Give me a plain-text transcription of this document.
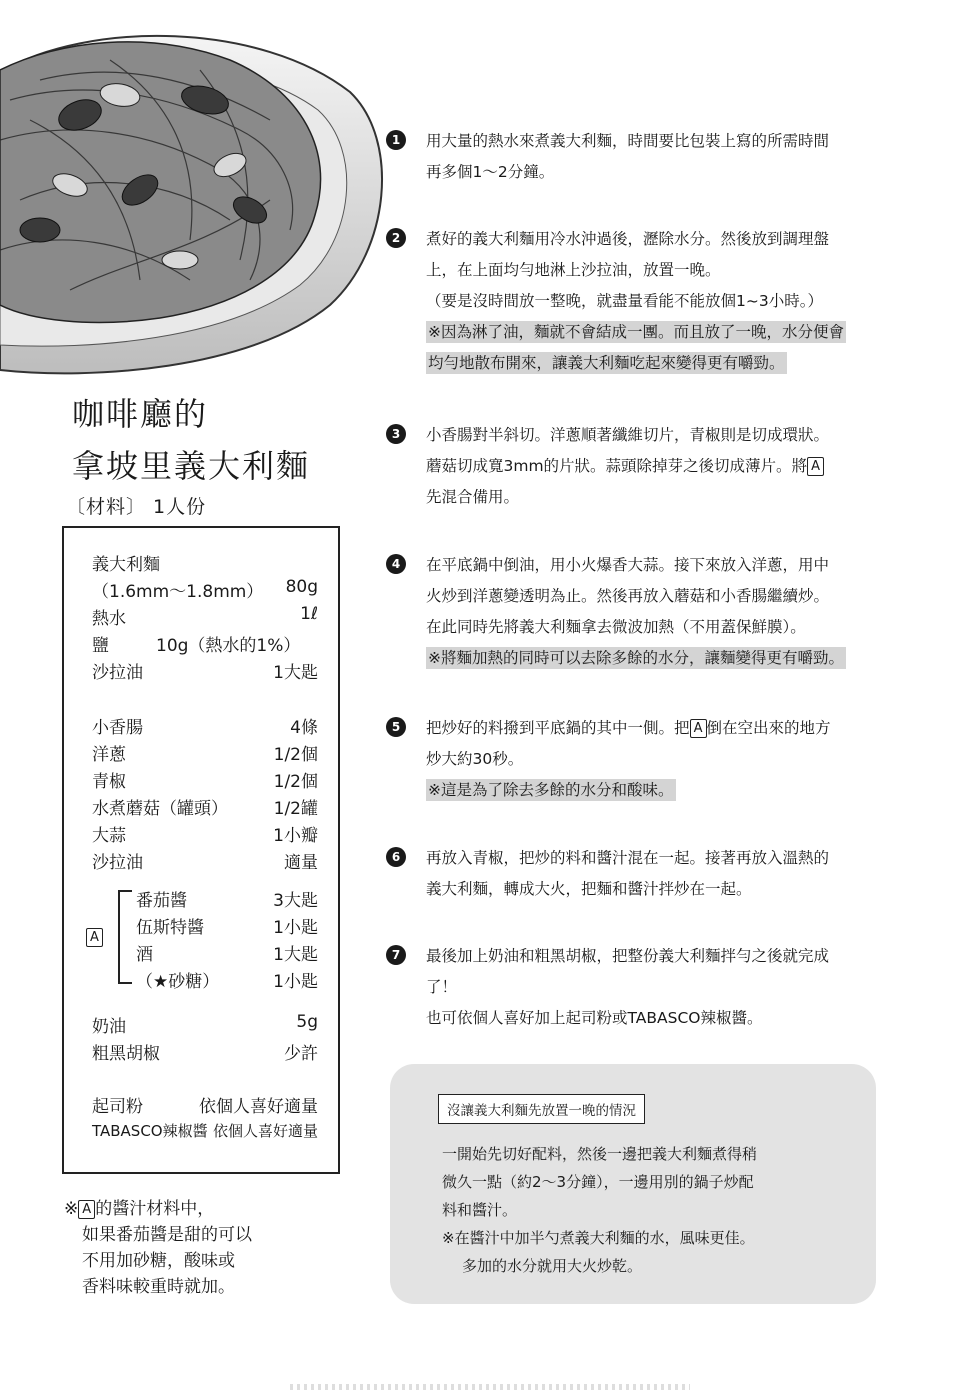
咖啡廳的
拿坡里義大利麵
〔材料〕 1人份
義大利麵
（1.6mm～1.8mm） 80g
熱水	1ℓ
鹽	10g（熱水的1%）
沙拉油	1大匙
小香腸	4條
洋蔥	1/2個
青椒	1/2個
水煮蘑菇（罐頭）	1/2罐
大蒜	1小瓣
沙拉油	適量
A
番茄醬	3大匙
伍斯特醬	1小匙
酒	1大匙
（★砂糖）	1小匙
奶油	5g
粗黑胡椒	少許
起司粉	依個人喜好適量
TABASCO辣椒醬 依個人喜好適量
※ A 的醬汁材料中，
如果番茄醬是甜的可以
不用加砂糖，酸味或
香料味較重時就加。
1	用大量的熱水來煮義大利麵，時間要比包裝上寫的所需時間
再多個1～2分鐘。
2	煮好的義大利麵用冷水沖過後，瀝除水分。然後放到調理盤
上，在上面均勻地淋上沙拉油，放置一晚。
（要是沒時間放一整晚，就盡量看能不能放個1~3小時。）
※因為淋了油，麵就不會結成一團。而且放了一晚，水分便會
均勻地散布開來，讓義大利麵吃起來變得更有嚼勁。
3	小香腸對半斜切。洋蔥順著纖維切片，青椒則是切成環狀。
蘑菇切成寬3mm的片狀。蒜頭除掉芽之後切成薄片。將 A
先混合備用。
4	在平底鍋中倒油，用小火爆香大蒜。接下來放入洋蔥，用中
火炒到洋蔥變透明為止。然後再放入蘑菇和小香腸繼續炒。
在此同時先將義大利麵拿去微波加熱（不用蓋保鮮膜）。
※將麵加熱的同時可以去除多餘的水分，讓麵變得更有嚼勁。
5	把炒好的料撥到平底鍋的其中一側。把 A 倒在空出來的地方
炒大約30秒。
※這是為了除去多餘的水分和酸味。
6	再放入青椒，把炒的料和醬汁混在一起。接著再放入溫熱的
義大利麵，轉成大火，把麵和醬汁拌炒在一起。
7	最後加上奶油和粗黑胡椒，把整份義大利麵拌勻之後就完成
了！
也可依個人喜好加上起司粉或TABASCO辣椒醬。
沒讓義大利麵先放置一晚的情況
一開始先切好配料，然後一邊把義大利麵煮得稍
微久一點（約2～3分鐘），一邊用別的鍋子炒配
料和醬汁。
※在醬汁中加半勺煮義大利麵的水，風味更佳。
多加的水分就用大火炒乾。
